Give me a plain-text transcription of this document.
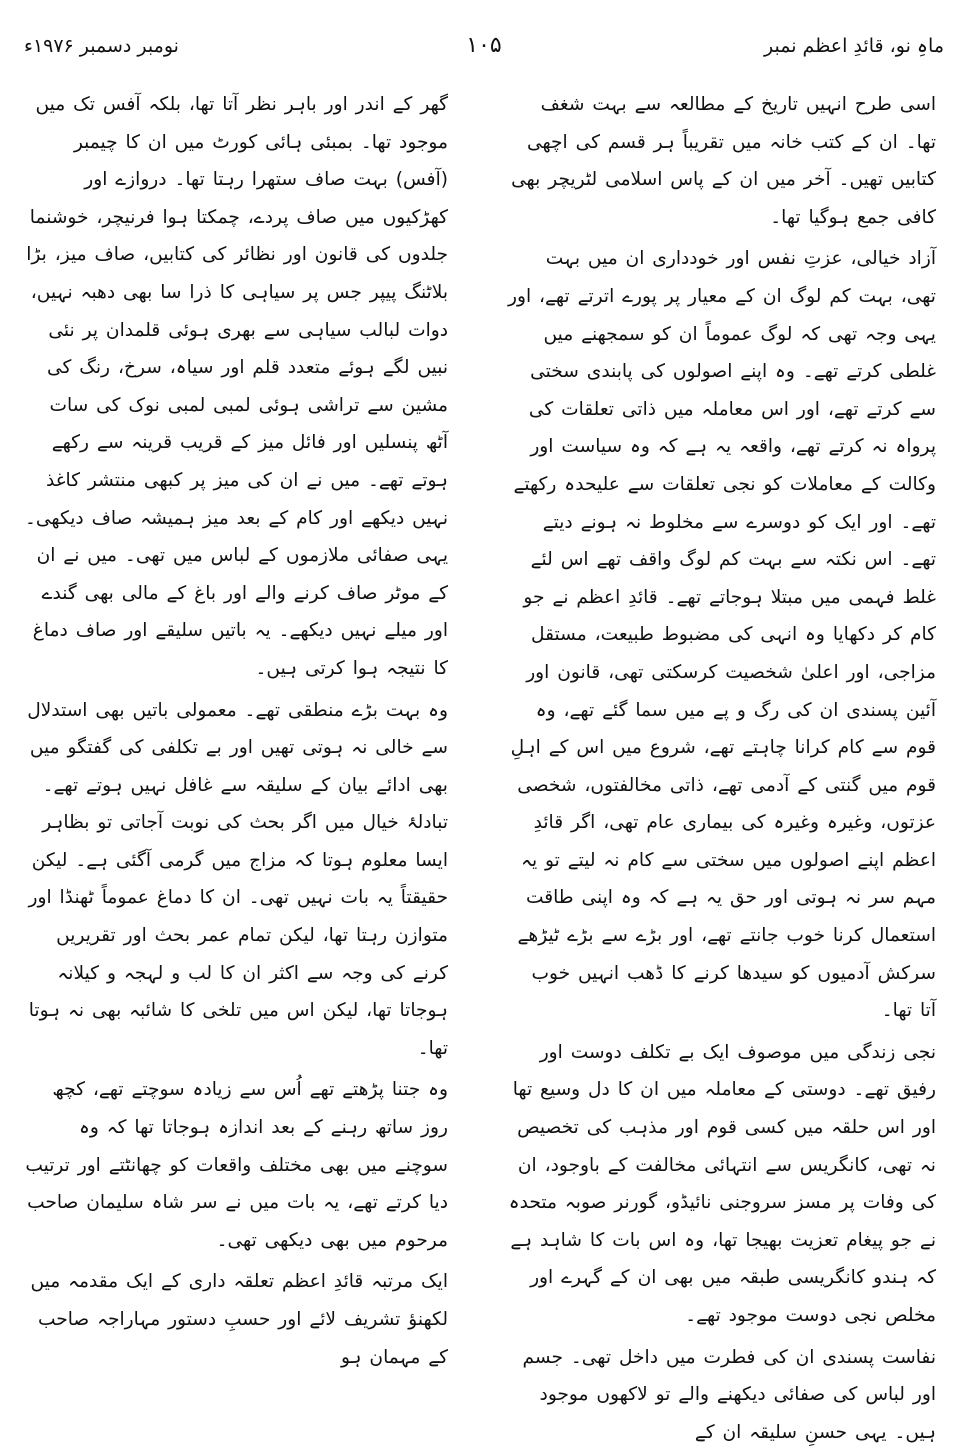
نومبر دسمبر ۱۹۷۶ء	۱۰۵	ماہِ نو، قائدِ اعظم نمبر

اسی طرح انہیں تاریخ کے مطالعہ سے بہت شغف تھا۔ ان کے کتب خانہ میں تقریباً ہر قسم کی اچھی کتابیں تھیں۔ آخر میں ان کے پاس اسلامی لٹریچر بھی کافی جمع ہوگیا تھا۔

آزاد خیالی، عزتِ نفس اور خودداری ان میں بہت تھی، بہت کم لوگ ان کے معیار پر پورے اترتے تھے، اور یہی وجہ تھی کہ لوگ عموماً ان کو سمجھنے میں غلطی کرتے تھے۔ وہ اپنے اصولوں کی پابندی سختی سے کرتے تھے، اور اس معاملہ میں ذاتی تعلقات کی پرواہ نہ کرتے تھے، واقعہ یہ ہے کہ وہ سیاست اور وکالت کے معاملات کو نجی تعلقات سے علیحدہ رکھتے تھے۔ اور ایک کو دوسرے سے مخلوط نہ ہونے دیتے تھے۔ اس نکتہ سے بہت کم لوگ واقف تھے اس لئے غلط فہمی میں مبتلا ہوجاتے تھے۔ قائدِ اعظم نے جو کام کر دکھایا وہ انہی کی مضبوط طبیعت، مستقل مزاجی، اور اعلیٰ شخصیت کرسکتی تھی، قانون اور آئین پسندی ان کی رگ و پے میں سما گئے تھے، وہ قوم سے کام کرانا چاہتے تھے، شروع میں اس کے اہلِ قوم میں گنتی کے آدمی تھے، ذاتی مخالفتوں، شخصی عزتوں، وغیرہ وغیرہ کی بیماری عام تھی، اگر قائدِ اعظم اپنے اصولوں میں سختی سے کام نہ لیتے تو یہ مہم سر نہ ہوتی اور حق یہ ہے کہ وہ اپنی طاقت استعمال کرنا خوب جانتے تھے، اور بڑے سے بڑے ٹیڑھے سرکش آدمیوں کو سیدھا کرنے کا ڈھب انہیں خوب آتا تھا۔

نجی زندگی میں موصوف ایک بے تکلف دوست اور رفیق تھے۔ دوستی کے معاملہ میں ان کا دل وسیع تھا اور اس حلقہ میں کسی قوم اور مذہب کی تخصیص نہ تھی، کانگریس سے انتہائی مخالفت کے باوجود، ان کی وفات پر مسز سروجنی نائیڈو، گورنر صوبہ متحدہ نے جو پیغام تعزیت بھیجا تھا، وہ اس بات کا شاہد ہے کہ ہندو کانگریسی طبقہ میں بھی ان کے گہرے اور مخلص نجی دوست موجود تھے۔

نفاست پسندی ان کی فطرت میں داخل تھی۔ جسم اور لباس کی صفائی دیکھنے والے تو لاکھوں موجود ہیں۔ یہی حسنِ سلیقہ ان کے

گھر کے اندر اور باہر نظر آتا تھا، بلکہ آفس تک میں موجود تھا۔ بمبئی ہائی کورٹ میں ان کا چیمبر (آفس) بہت صاف ستھرا رہتا تھا۔ دروازے اور کھڑکیوں میں صاف پردے، چمکتا ہوا فرنیچر، خوشنما جلدوں کی قانون اور نظائر کی کتابیں، صاف میز، بڑا بلاٹنگ پیپر جس پر سیاہی کا ذرا سا بھی دھبہ نہیں، دوات لبالب سیاہی سے بھری ہوئی قلمدان پر نئی نبیں لگے ہوئے متعدد قلم اور سیاہ، سرخ، رنگ کی مشین سے تراشی ہوئی لمبی لمبی نوک کی سات آٹھ پنسلیں اور فائل میز کے قریب قرینہ سے رکھے ہوتے تھے۔ میں نے ان کی میز پر کبھی منتشر کاغذ نہیں دیکھے اور کام کے بعد میز ہمیشہ صاف دیکھی۔ یہی صفائی ملازموں کے لباس میں تھی۔ میں نے ان کے موٹر صاف کرنے والے اور باغ کے مالی بھی گندے اور میلے نہیں دیکھے۔ یہ باتیں سلیقے اور صاف دماغ کا نتیجہ ہوا کرتی ہیں۔

وہ بہت بڑے منطقی تھے۔ معمولی باتیں بھی استدلال سے خالی نہ ہوتی تھیں اور بے تکلفی کی گفتگو میں بھی ادائے بیان کے سلیقہ سے غافل نہیں ہوتے تھے۔ تبادلۂ خیال میں اگر بحث کی نوبت آجاتی تو بظاہر ایسا معلوم ہوتا کہ مزاج میں گرمی آگئی ہے۔ لیکن حقیقتاً یہ بات نہیں تھی۔ ان کا دماغ عموماً ٹھنڈا اور متوازن رہتا تھا، لیکن تمام عمر بحث اور تقریریں کرنے کی وجہ سے اکثر ان کا لب و لہجہ و کیلانہ ہوجاتا تھا، لیکن اس میں تلخی کا شائبہ بھی نہ ہوتا تھا۔

وہ جتنا پڑھتے تھے اُس سے زیادہ سوچتے تھے، کچھ روز ساتھ رہنے کے بعد اندازہ ہوجاتا تھا کہ وہ سوچنے میں بھی مختلف واقعات کو چھانٹتے اور ترتیب دیا کرتے تھے، یہ بات میں نے سر شاہ سلیمان صاحب مرحوم میں بھی دیکھی تھی۔

ایک مرتبہ قائدِ اعظم تعلقہ داری کے ایک مقدمہ میں لکھنؤ تشریف لائے اور حسبِ دستور مہاراجہ صاحب کے مہمان ہو
